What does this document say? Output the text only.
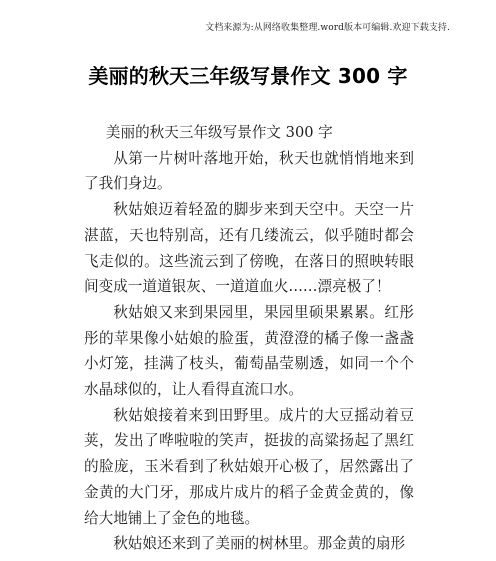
文档来源为:从网络收集整理.word版本可编辑.欢迎下载支持.
美丽的秋天三年级写景作文 300 字

美丽的秋天三年级写景作文 300 字

从第一片树叶落地开始，秋天也就悄悄地来到了我们身边。

秋姑娘迈着轻盈的脚步来到天空中。天空一片湛蓝，天也特别高，还有几缕流云，似乎随时都会飞走似的。这些流云到了傍晚，在落日的照映转眼间变成一道道银灰、一道道血火……漂亮极了！

秋姑娘又来到果园里，果园里硕果累累。红彤彤的苹果像小姑娘的脸蛋，黄澄澄的橘子像一盏盏小灯笼，挂满了枝头，葡萄晶莹剔透，如同一个个水晶球似的，让人看得直流口水。

秋姑娘接着来到田野里。成片的大豆摇动着豆荚，发出了哗啦啦的笑声，挺拔的高粱扬起了黑红的脸庞，玉米看到了秋姑娘开心极了，居然露出了金黄的大门牙，那成片成片的稻子金黄金黄的，像给大地铺上了金色的地毯。

秋姑娘还来到了美丽的树林里。那金黄的扇形
